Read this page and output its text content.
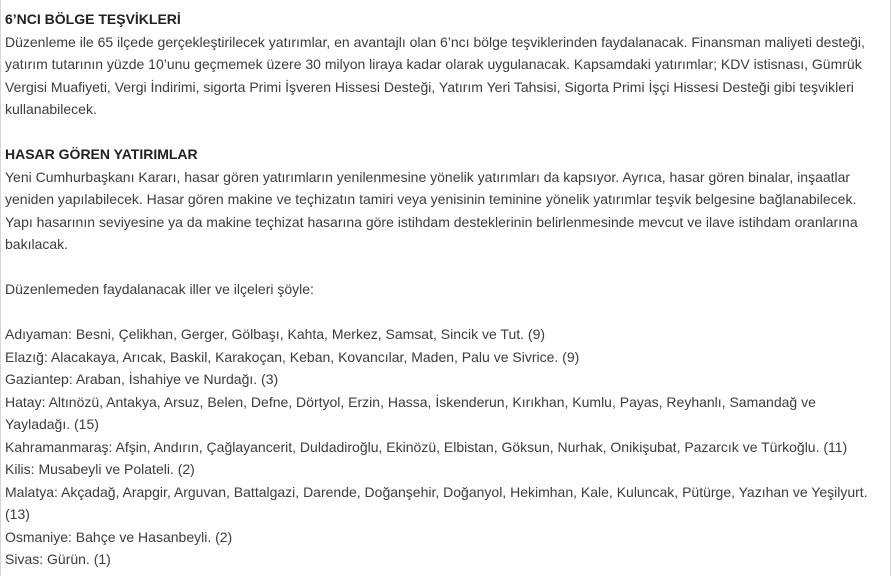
6’NCI BÖLGE TEŞVİKLERİ

Düzenleme ile 65 ilçede gerçekleştirilecek yatırımlar, en avantajlı olan 6’ncı bölge teşviklerinden faydalanacak. Finansman maliyeti desteği, yatırım tutarının yüzde 10’unu geçmemek üzere 30 milyon liraya kadar olarak uygulanacak. Kapsamdaki yatırımlar; KDV istisnası, Gümrük Vergisi Muafiyeti, Vergi İndirimi, sigorta Primi İşveren Hissesi Desteği, Yatırım Yeri Tahsisi, Sigorta Primi İşçi Hissesi Desteği gibi teşvikleri kullanabilecek.

HASAR GÖREN YATIRIMLAR

Yeni Cumhurbaşkanı Kararı, hasar gören yatırımların yenilenmesine yönelik yatırımları da kapsıyor. Ayrıca, hasar gören binalar, inşaatlar yeniden yapılabilecek. Hasar gören makine ve teçhizatın tamiri veya yenisinin teminine yönelik yatırımlar teşvik belgesine bağlanabilecek. Yapı hasarının seviyesine ya da makine teçhizat hasarına göre istihdam desteklerinin belirlenmesinde mevcut ve ilave istihdam oranlarına bakılacak.

Düzenlemeden faydalanacak iller ve ilçeleri şöyle:

Adıyaman: Besni, Çelikhan, Gerger, Gölbaşı, Kahta, Merkez, Samsat, Sincik ve Tut. (9)
Elazığ: Alacakaya, Arıcak, Baskil, Karakoçan, Keban, Kovancılar, Maden, Palu ve Sivrice. (9)
Gaziantep: Araban, İshahiye ve Nurdağı. (3)
Hatay: Altınözü, Antakya, Arsuz, Belen, Defne, Dörtyol, Erzin, Hassa, İskenderun, Kırıkhan, Kumlu, Payas, Reyhanlı, Samandağ ve Yayladağı. (15)
Kahramanmaraş: Afşin, Andırın, Çağlayancerit, Duldadiroğlu, Ekinözü, Elbistan, Göksun, Nurhak, Onikişubat, Pazarcık ve Türkoğlu. (11)
Kilis: Musabeyli ve Polateli. (2)
Malatya: Akçadağ, Arapgir, Arguvan, Battalgazi, Darende, Doğanşehir, Doğanyol, Hekimhan, Kale, Kuluncak, Pütürge, Yazıhan ve Yeşilyurt. (13)
Osmaniye: Bahçe ve Hasanbeyli. (2)
Sivas: Gürün. (1)
